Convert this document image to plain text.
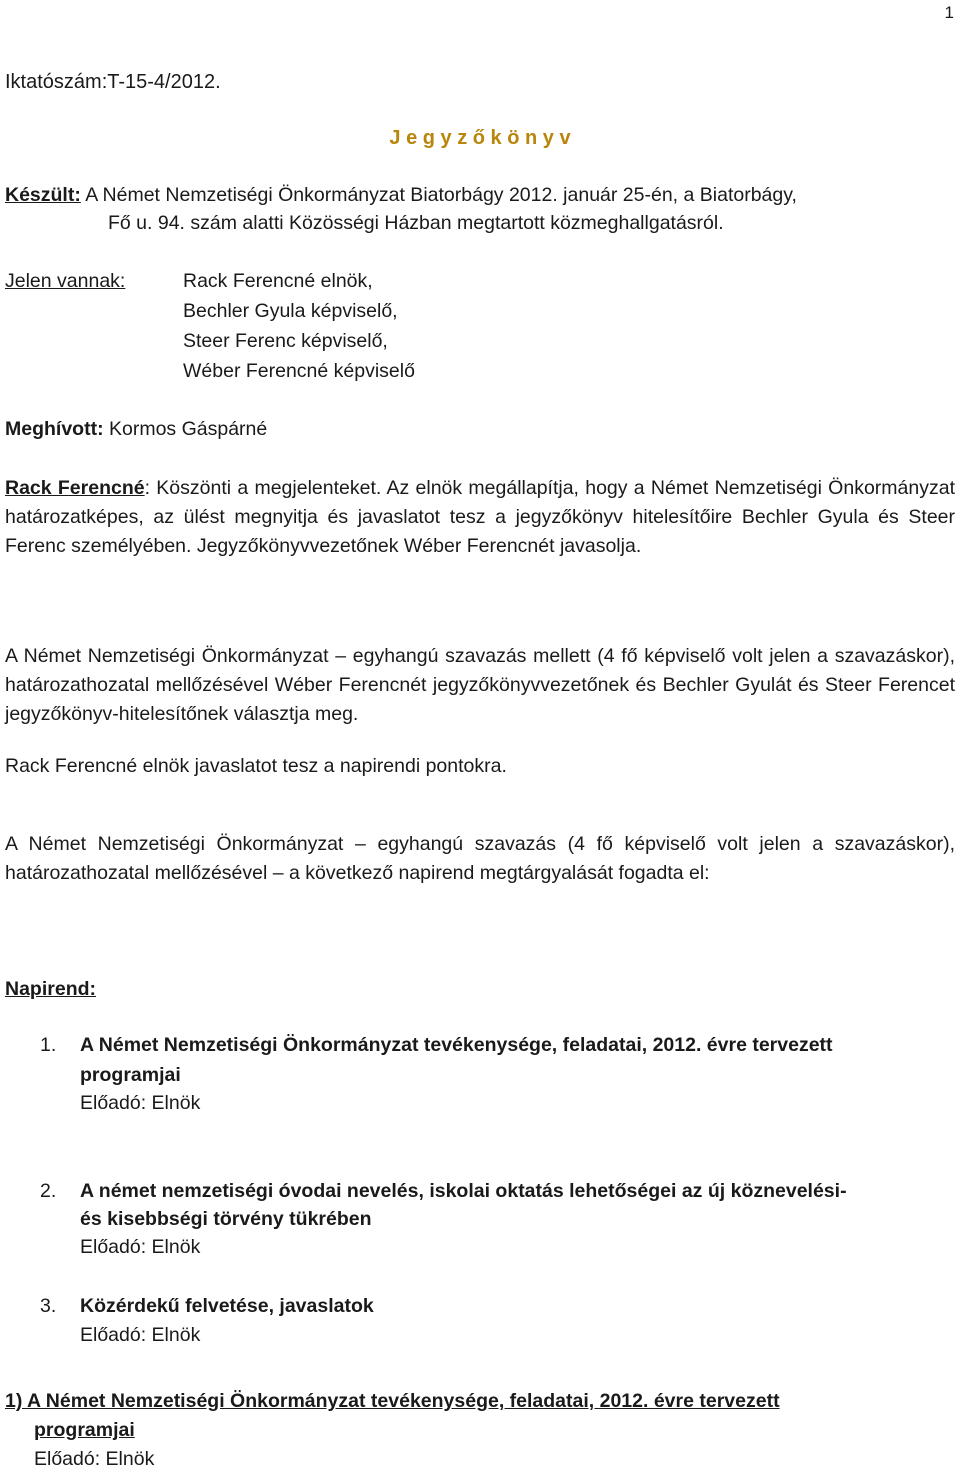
1
Iktatószám:T-15-4/2012.
J e g y z ő k ö n y v
Készült: A Német Nemzetiségi Önkormányzat Biatorbágy 2012. január 25-én, a Biatorbágy,
Fő u. 94. szám alatti Közösségi Házban megtartott közmeghallgatásról.
Jelen vannak:	Rack Ferencné elnök,
Bechler Gyula képviselő,
Steer Ferenc képviselő,
Wéber Ferencné képviselő
Meghívott: Kormos Gáspárné

Rack Ferencné: Köszönti a megjelenteket. Az elnök megállapítja, hogy a Német Nemzetiségi Önkormányzat határozatképes, az ülést megnyitja és javaslatot tesz a jegyzőkönyv hitelesítőire Bechler Gyula és Steer Ferenc személyében. Jegyzőkönyvvezetőnek Wéber Ferencnét javasolja.

A Német Nemzetiségi Önkormányzat – egyhangú szavazás mellett (4 fő képviselő volt jelen a szavazáskor), határozathozatal mellőzésével Wéber Ferencnét jegyzőkönyvvezetőnek és Bechler Gyulát és Steer Ferencet jegyzőkönyv-hitelesítőnek választja meg.

Rack Ferencné elnök javaslatot tesz a napirendi pontokra.

A Német Nemzetiségi Önkormányzat – egyhangú szavazás (4 fő képviselő volt jelen a szavazáskor), határozathozatal mellőzésével – a következő napirend megtárgyalását fogadta el:

Napirend:
1. A Német Nemzetiségi Önkormányzat tevékenysége, feladatai, 2012. évre tervezett
programjai
Előadó: Elnök
2. A német nemzetiségi óvodai nevelés, iskolai oktatás lehetőségei az új köznevelési-
és kisebbségi törvény tükrében
Előadó: Elnök
3. Közérdekű felvetése, javaslatok
Előadó: Elnök
1) A Német Nemzetiségi Önkormányzat tevékenysége, feladatai, 2012. évre tervezett
programjai
Előadó: Elnök
